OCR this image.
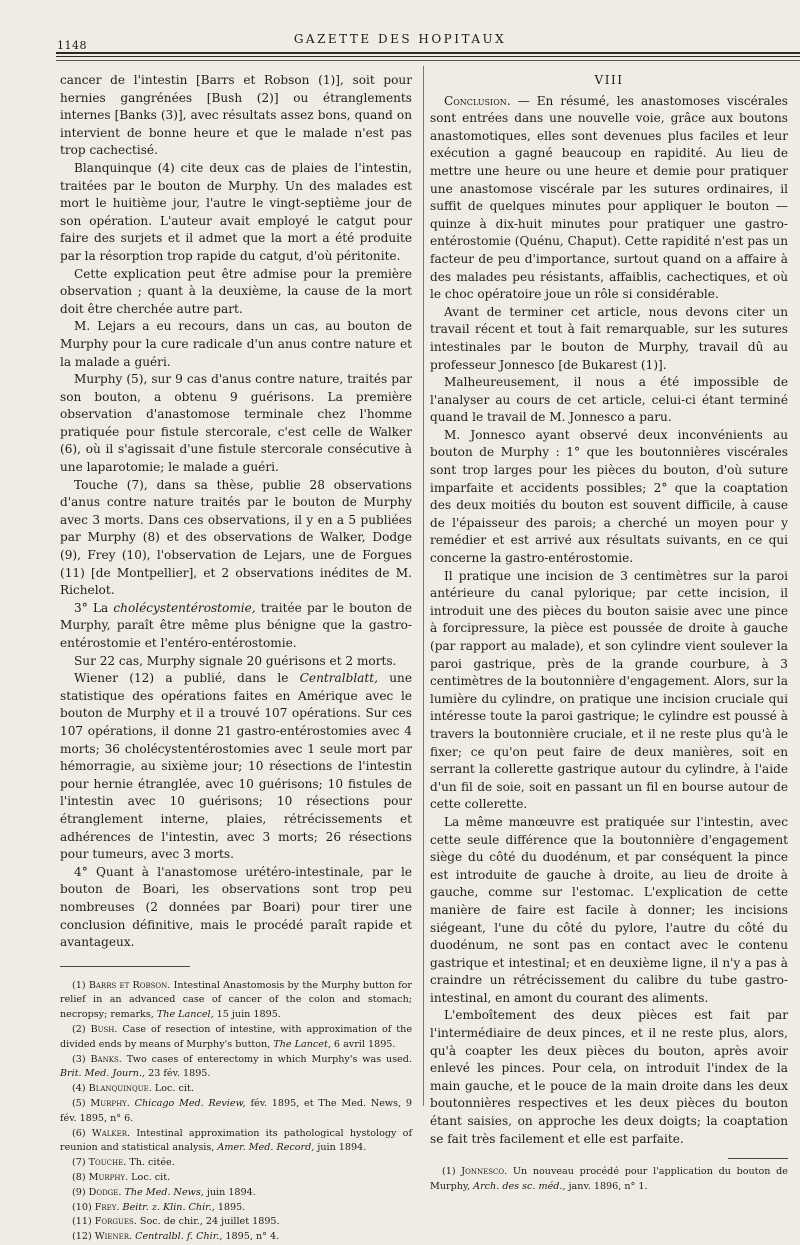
1148	GAZETTE DES HOPITAUX

cancer de l'intestin [Barrs et Robson (1)], soit pour hernies gangrénées [Bush (2)] ou étranglements internes [Banks (3)], avec résultats assez bons, quand on intervient de bonne heure et que le malade n'est pas trop cachectisé.

Blanquinque (4) cite deux cas de plaies de l'intestin, traitées par le bouton de Murphy. Un des malades est mort le huitième jour, l'autre le vingt-septième jour de son opération. L'auteur avait employé le catgut pour faire des surjets et il admet que la mort a été produite par la résorption trop rapide du catgut, d'où péritonite.

Cette explication peut être admise pour la première observation ; quant à la deuxième, la cause de la mort doit être cherchée autre part.

M. Lejars a eu recours, dans un cas, au bouton de Murphy pour la cure radicale d'un anus contre nature et la malade a guéri.

Murphy (5), sur 9 cas d'anus contre nature, traités par son bouton, a obtenu 9 guérisons. La première observation d'anastomose terminale chez l'homme pratiquée pour fistule stercorale, c'est celle de Walker (6), où il s'agissait d'une fistule stercorale consécutive à une laparotomie; le malade a guéri.

Touche (7), dans sa thèse, publie 28 observations d'anus contre nature traités par le bouton de Murphy avec 3 morts. Dans ces observations, il y en a 5 publiées par Murphy (8) et des observations de Walker, Dodge (9), Frey (10), l'observation de Lejars, une de Forgues (11) [de Montpellier], et 2 observations inédites de M. Richelot.

3° La cholécystentérostomie, traitée par le bouton de Murphy, paraît être même plus bénigne que la gastro-entérostomie et l'entéro-entérostomie.

Sur 22 cas, Murphy signale 20 guérisons et 2 morts.

Wiener (12) a publié, dans le Centralblatt, une statistique des opérations faites en Amérique avec le bouton de Murphy et il a trouvé 107 opérations. Sur ces 107 opérations, il donne 21 gastro-entérostomies avec 4 morts; 36 cholécystentérostomies avec 1 seule mort par hémorragie, au sixième jour; 10 résections de l'intestin pour hernie étranglée, avec 10 guérisons; 10 fistules de l'intestin avec 10 guérisons; 10 résections pour étranglement interne, plaies, rétrécissements et adhérences de l'intestin, avec 3 morts; 26 résections pour tumeurs, avec 3 morts.

4° Quant à l'anastomose urétéro-intestinale, par le bouton de Boari, les observations sont trop peu nombreuses (2 données par Boari) pour tirer une conclusion définitive, mais le procédé paraît rapide et avantageux.

(1) Barrs et Robson. Intestinal Anastomosis by the Murphy button for relief in an advanced case of cancer of the colon and stomach; necropsy; remarks, The Lancel, 15 juin 1895.

(2) Bush. Case of resection of intestine, with approximation of the divided ends by means of Murphy's button, The Lancet, 6 avril 1895.

(3) Banks. Two cases of enterectomy in which Murphy's was used. Brit. Med. Journ., 23 fév. 1895.

(4) Blanquinque. Loc. cit.

(5) Murphy. Chicago Med. Review, fév. 1895, et The Med. News, 9 fév. 1895, n° 6.

(6) Walker. Intestinal approximation its pathological hystology of reunion and statistical analysis, Amer. Med. Record, juin 1894.

(7) Touche. Th. citée.

(8) Murphy. Loc. cit.

(9) Dodge. The Med. News, juin 1894.

(10) Frey. Beitr. z. Klin. Chir., 1895.

(11) Forgues. Soc. de chir., 24 juillet 1895.

(12) Wiener. Centralbl. f. Chir., 1895, n° 4.

VIII

Conclusion. — En résumé, les anastomoses viscérales sont entrées dans une nouvelle voie, grâce aux boutons anastomotiques, elles sont devenues plus faciles et leur exécution a gagné beaucoup en rapidité. Au lieu de mettre une heure ou une heure et demie pour pratiquer une anastomose viscérale par les sutures ordinaires, il suffit de quelques minutes pour appliquer le bouton — quinze à dix-huit minutes pour pratiquer une gastro-entérostomie (Quénu, Chaput). Cette rapidité n'est pas un facteur de peu d'importance, surtout quand on a affaire à des malades peu résistants, affaiblis, cachectiques, et où le choc opératoire joue un rôle si considérable.

Avant de terminer cet article, nous devons citer un travail récent et tout à fait remarquable, sur les sutures intestinales par le bouton de Murphy, travail dû au professeur Jonnesco [de Bukarest (1)].

Malheureusement, il nous a été impossible de l'analyser au cours de cet article, celui-ci étant terminé quand le travail de M. Jonnesco a paru.

M. Jonnesco ayant observé deux inconvénients au bouton de Murphy : 1° que les boutonnières viscérales sont trop larges pour les pièces du bouton, d'où suture imparfaite et accidents possibles; 2° que la coaptation des deux moitiés du bouton est souvent difficile, à cause de l'épaisseur des parois; a cherché un moyen pour y remédier et est arrivé aux résultats suivants, en ce qui concerne la gastro-entérostomie.

Il pratique une incision de 3 centimètres sur la paroi antérieure du canal pylorique; par cette incision, il introduit une des pièces du bouton saisie avec une pince à forcipressure, la pièce est poussée de droite à gauche (par rapport au malade), et son cylindre vient soulever la paroi gastrique, près de la grande courbure, à 3 centimètres de la boutonnière d'engagement. Alors, sur la lumière du cylindre, on pratique une incision cruciale qui intéresse toute la paroi gastrique; le cylindre est poussé à travers la boutonnière cruciale, et il ne reste plus qu'à le fixer; ce qu'on peut faire de deux manières, soit en serrant la collerette gastrique autour du cylindre, à l'aide d'un fil de soie, soit en passant un fil en bourse autour de cette collerette.

La même manœuvre est pratiquée sur l'intestin, avec cette seule différence que la boutonnière d'engagement siège du côté du duodénum, et par conséquent la pince est introduite de gauche à droite, au lieu de droite à gauche, comme sur l'estomac. L'explication de cette manière de faire est facile à donner; les incisions siégeant, l'une du côté du pylore, l'autre du côté du duodénum, ne sont pas en contact avec le contenu gastrique et intestinal; et en deuxième ligne, il n'y a pas à craindre un rétrécissement du calibre du tube gastro-intestinal, en amont du courant des aliments.

L'emboîtement des deux pièces est fait par l'intermédiaire de deux pinces, et il ne reste plus, alors, qu'à coapter les deux pièces du bouton, après avoir enlevé les pinces. Pour cela, on introduit l'index de la main gauche, et le pouce de la main droite dans les deux boutonnières respectives et les deux pièces du bouton étant saisies, on approche les deux doigts; la coaptation se fait très facilement et elle est parfaite.

(1) Jonnesco. Un nouveau procédé pour l'application du bouton de Murphy, Arch. des sc. méd., janv. 1896, n° 1.
